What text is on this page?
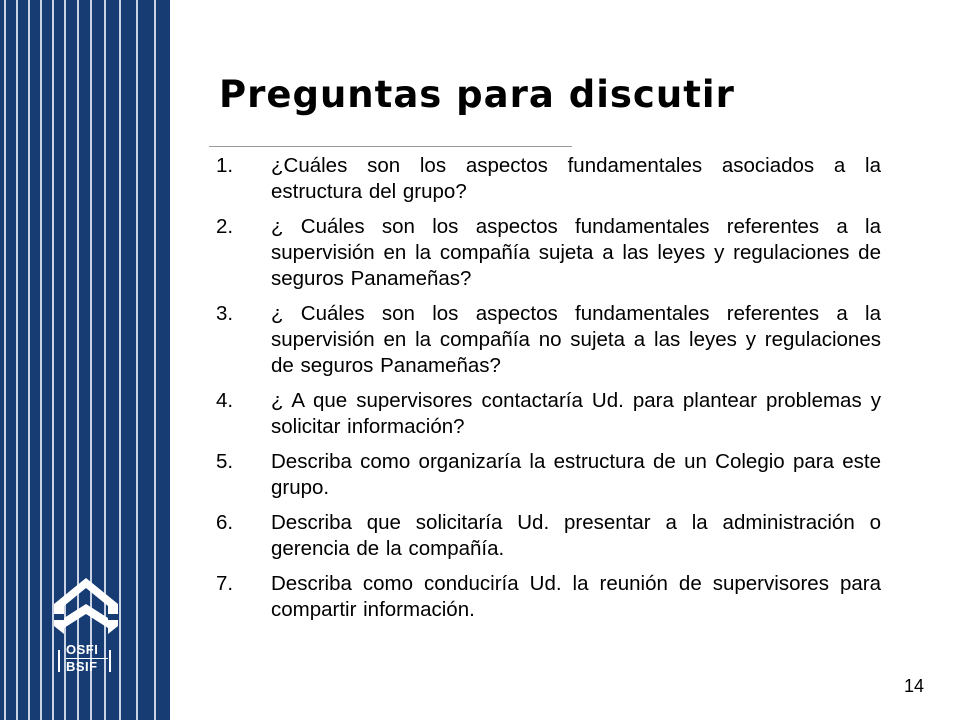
OSFI
BSIF
Preguntas para discutir
1. ¿Cuáles son los aspectos fundamentales asociados a la estructura del grupo?
2. ¿ Cuáles son los aspectos fundamentales referentes a la supervisión en la compañía sujeta a las leyes y regulaciones de seguros Panameñas?
3. ¿ Cuáles son los aspectos fundamentales referentes a la supervisión en la compañía no sujeta a las leyes y regulaciones de seguros Panameñas?
4. ¿ A que supervisores contactaría Ud. para plantear problemas y solicitar información?
5. Describa como organizaría la estructura de un Colegio para este grupo.
6. Describa que solicitaría Ud. presentar a la administración o gerencia de la compañía.
7. Describa como conduciría Ud. la reunión de supervisores para compartir información.
14
